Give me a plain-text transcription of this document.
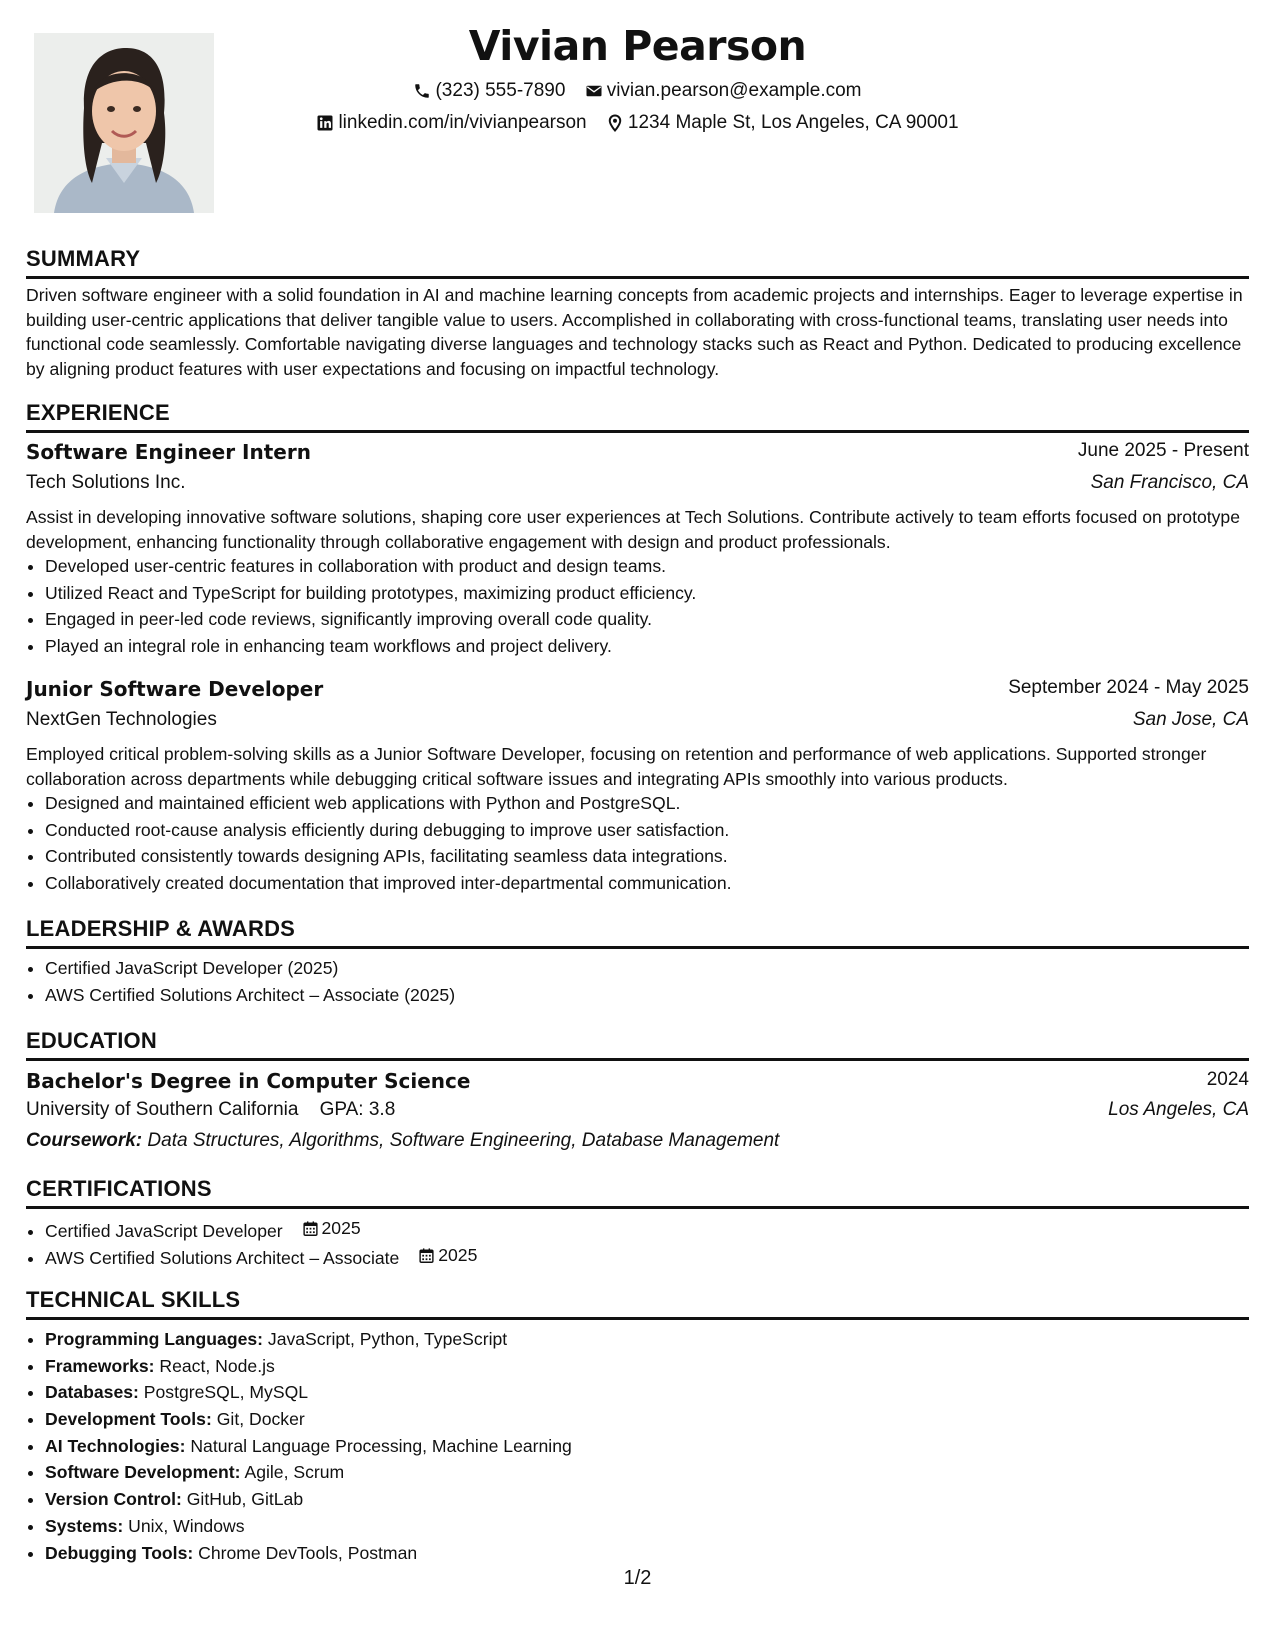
Vivian Pearson
(323) 555-7890
vivian.pearson@example.com
linkedin.com/in/vivianpearson
1234 Maple St, Los Angeles, CA 90001
SUMMARY
Driven software engineer with a solid foundation in AI and machine learning concepts from academic projects and internships. Eager to leverage expertise in building user-centric applications that deliver tangible value to users. Accomplished in collaborating with cross-functional teams, translating user needs into functional code seamlessly. Comfortable navigating diverse languages and technology stacks such as React and Python. Dedicated to producing excellence by aligning product features with user expectations and focusing on impactful technology.
EXPERIENCE
Software Engineer Intern	June 2025 - Present
Tech Solutions Inc.	San Francisco, CA
Assist in developing innovative software solutions, shaping core user experiences at Tech Solutions. Contribute actively to team efforts focused on prototype development, enhancing functionality through collaborative engagement with design and product professionals.
• Developed user-centric features in collaboration with product and design teams.
• Utilized React and TypeScript for building prototypes, maximizing product efficiency.
• Engaged in peer-led code reviews, significantly improving overall code quality.
• Played an integral role in enhancing team workflows and project delivery.
Junior Software Developer	September 2024 - May 2025
NextGen Technologies	San Jose, CA
Employed critical problem-solving skills as a Junior Software Developer, focusing on retention and performance of web applications. Supported stronger collaboration across departments while debugging critical software issues and integrating APIs smoothly into various products.
• Designed and maintained efficient web applications with Python and PostgreSQL.
• Conducted root-cause analysis efficiently during debugging to improve user satisfaction.
• Contributed consistently towards designing APIs, facilitating seamless data integrations.
• Collaboratively created documentation that improved inter-departmental communication.
LEADERSHIP & AWARDS
• Certified JavaScript Developer (2025)
• AWS Certified Solutions Architect – Associate (2025)
EDUCATION
Bachelor's Degree in Computer Science	2024
University of Southern California GPA: 3.8	Los Angeles, CA
Coursework: Data Structures, Algorithms, Software Engineering, Database Management
CERTIFICATIONS
• Certified JavaScript Developer 2025
• AWS Certified Solutions Architect – Associate 2025
TECHNICAL SKILLS
• Programming Languages: JavaScript, Python, TypeScript
• Frameworks: React, Node.js
• Databases: PostgreSQL, MySQL
• Development Tools: Git, Docker
• AI Technologies: Natural Language Processing, Machine Learning
• Software Development: Agile, Scrum
• Version Control: GitHub, GitLab
• Systems: Unix, Windows
• Debugging Tools: Chrome DevTools, Postman
1/2
